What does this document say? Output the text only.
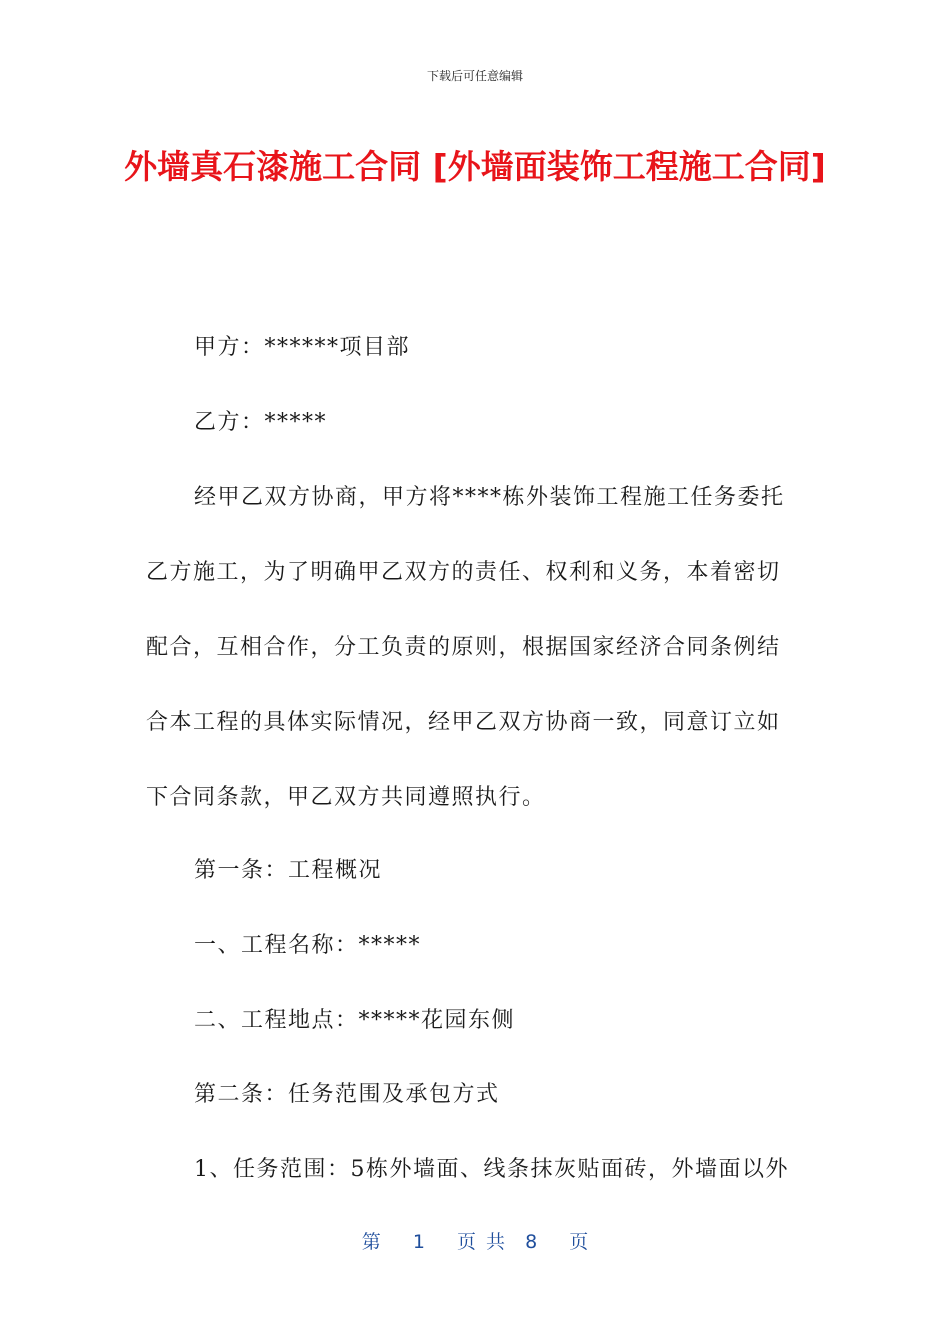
下载后可任意编辑
外墙真石漆施工合同 [外墙面装饰工程施工合同]
甲方：******项目部
乙方：*****
经甲乙双方协商，甲方将****栋外装饰工程施工任务委托
乙方施工，为了明确甲乙双方的责任、权利和义务，本着密切
配合，互相合作，分工负责的原则，根据国家经济合同条例结
合本工程的具体实际情况，经甲乙双方协商一致，同意订立如
下合同条款，甲乙双方共同遵照执行。
第一条：工程概况
一、工程名称：*****
二、工程地点：*****花园东侧
第二条：任务范围及承包方式
1、任务范围：5栋外墙面、线条抹灰贴面砖，外墙面以外
第 1 页 共 8 页
